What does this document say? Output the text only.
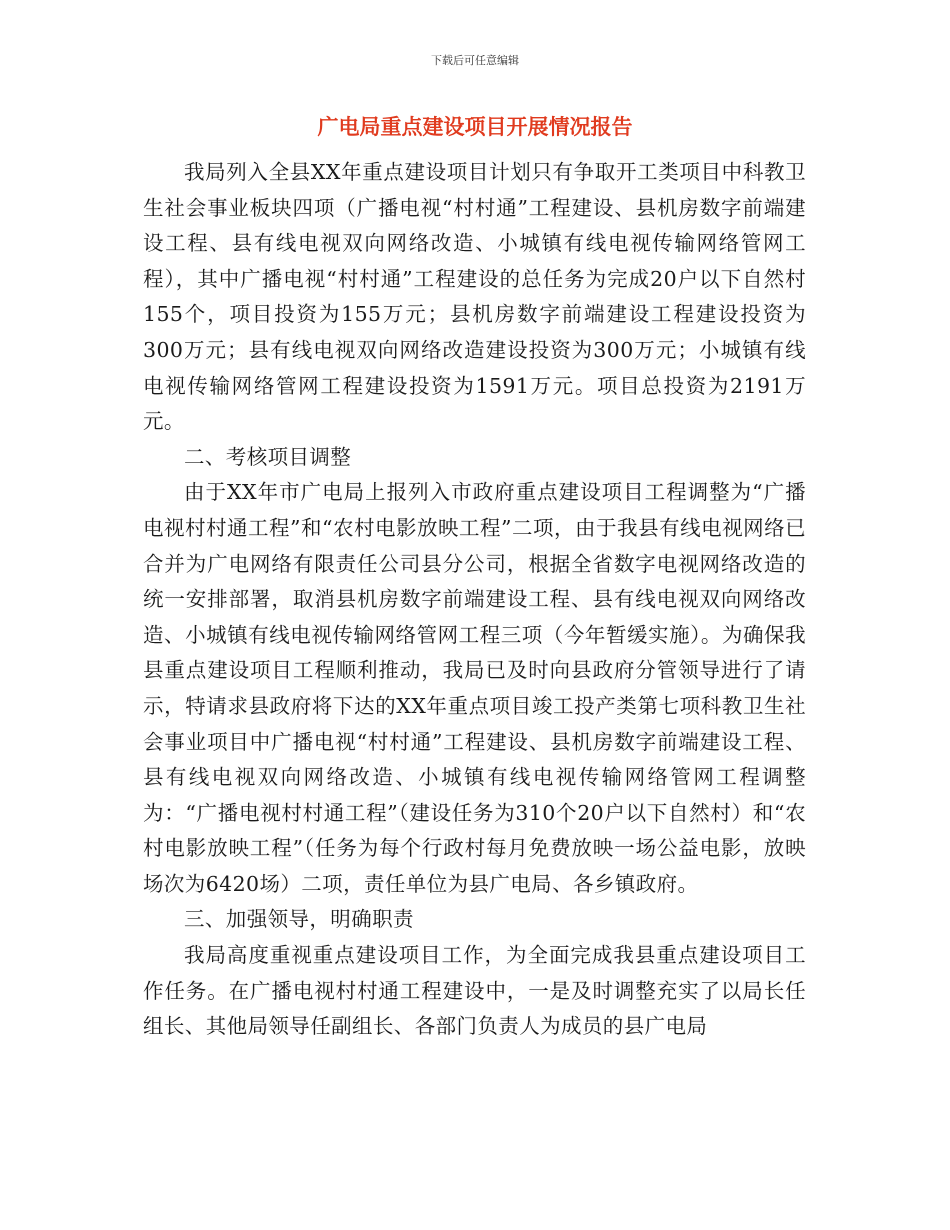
下载后可任意编辑
广电局重点建设项目开展情况报告

我局列入全县XX年重点建设项目计划只有争取开工类项目中科教卫生社会事业板块四项（广播电视“村村通”工程建设、县机房数字前端建设工程、县有线电视双向网络改造、小城镇有线电视传输网络管网工程），其中广播电视“村村通”工程建设的总任务为完成20户以下自然村155个，项目投资为155万元；县机房数字前端建设工程建设投资为300万元；县有线电视双向网络改造建设投资为300万元；小城镇有线电视传输网络管网工程建设投资为1591万元。项目总投资为2191万元。

二、考核项目调整

由于XX年市广电局上报列入市政府重点建设项目工程调整为“广播电视村村通工程”和“农村电影放映工程”二项，由于我县有线电视网络已合并为广电网络有限责任公司县分公司，根据全省数字电视网络改造的统一安排部署，取消县机房数字前端建设工程、县有线电视双向网络改造、小城镇有线电视传输网络管网工程三项（今年暂缓实施）。为确保我县重点建设项目工程顺利推动，我局已及时向县政府分管领导进行了请示，特请求县政府将下达的XX年重点项目竣工投产类第七项科教卫生社会事业项目中广播电视“村村通”工程建设、县机房数字前端建设工程、县有线电视双向网络改造、小城镇有线电视传输网络管网工程调整为：“广播电视村村通工程”（建设任务为310个20户以下自然村）和“农村电影放映工程”（任务为每个行政村每月免费放映一场公益电影，放映场次为6420场）二项，责任单位为县广电局、各乡镇政府。

三、加强领导，明确职责

我局高度重视重点建设项目工作，为全面完成我县重点建设项目工作任务。在广播电视村村通工程建设中，一是及时调整充实了以局长任组长、其他局领导任副组长、各部门负责人为成员的县广电局
